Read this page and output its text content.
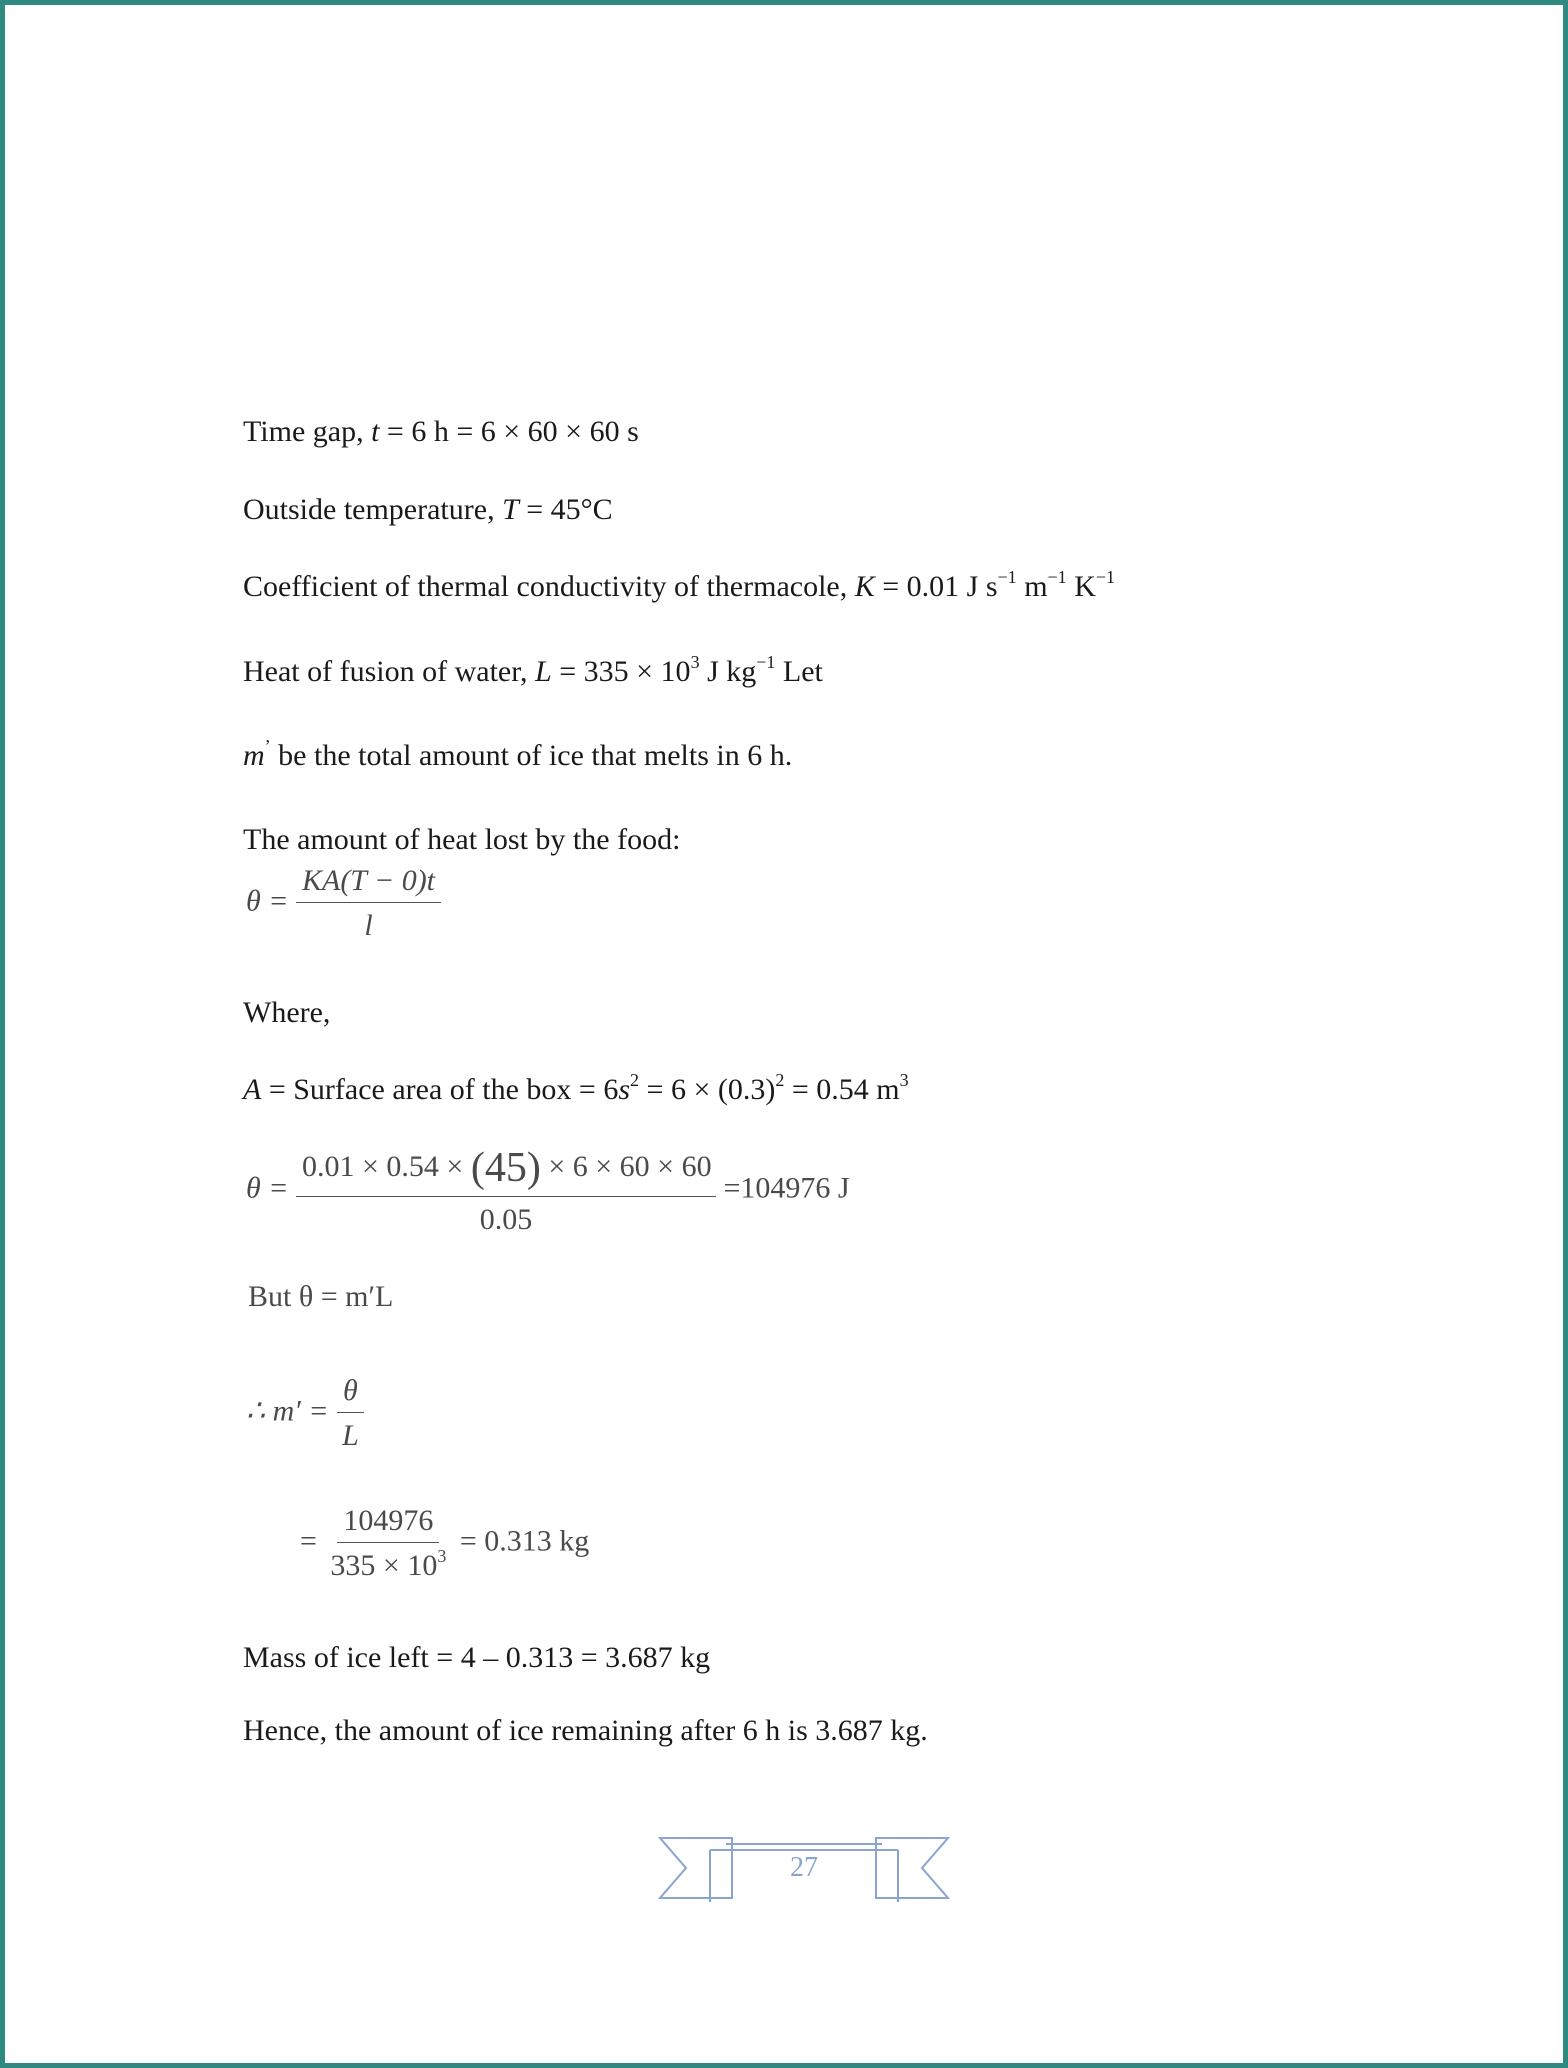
Time gap, t = 6 h = 6 × 60 × 60 s
Outside temperature, T = 45°C
Coefficient of thermal conductivity of thermacole, K = 0.01 J $s^{-1}$ $m^{-1}$ $K^{-1}$
Heat of fusion of water, $L = 335 \times 10^3$ J $kg^{-1}$ Let
m’ be the total amount of ice that melts in 6 h.
The amount of heat lost by the food:
$\theta = \frac{KA(T - 0)t}{l}$
Where,
A = Surface area of the box = $6s^2 = 6 \times (0.3)^2 = 0.54$ $m^3$
$\theta = \frac{0.01 \times 0.54 \times (45) \times 6 \times 60 \times 60}{0.05} =104976$ J
But θ = m′L
∴ $m' = \frac{\theta}{L}$
= $\frac{104976}{335 \times 10^3} = 0.313$ kg
Mass of ice left = 4 – 0.313 = 3.687 kg
Hence, the amount of ice remaining after 6 h is 3.687 kg.
27
